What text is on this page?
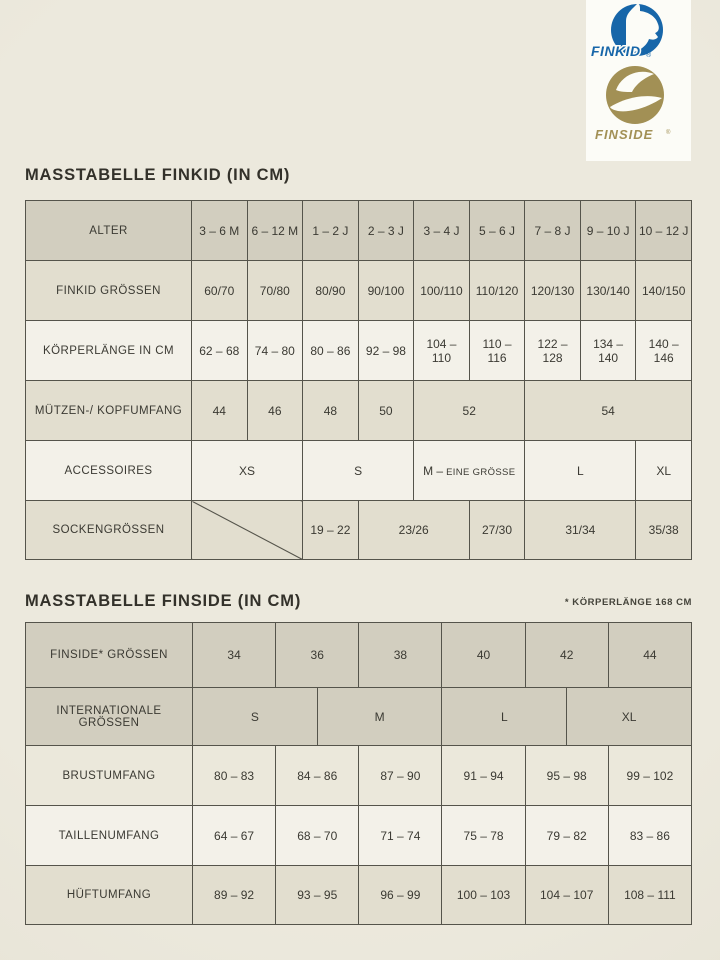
FINKID ®
FINSIDE ®
MASSTABELLE FINKID (IN CM)
ALTER	3 – 6 M	6 – 12 M	1 – 2 J	2 – 3 J	3 – 4 J	5 – 6 J	7 – 8 J	9 – 10 J	10 – 12 J
FINKID GRÖSSEN	60/70	70/80	80/90	90/100	100/110	110/120	120/130	130/140	140/150
KÖRPERLÄNGE IN CM	62 – 68	74 – 80	80 – 86	92 – 98	104 – 110	110 – 116	122 – 128	134 – 140	140 – 146
MÜTZEN-/ KOPFUMFANG	44	46	48	50	52		54		
ACCESSOIRES	XS		S		M – EINE GRÖSSE		L		XL
SOCKENGRÖSSEN			19 – 22	23/26		27/30	31/34		35/38
MASSTABELLE FINSIDE (IN CM)	* KÖRPERLÄNGE 168 CM
FINSIDE* GRÖSSEN	34	36		38	40	42		44
INTERNATIONALE GRÖSSEN	S		M		L		XL	
BRUSTUMFANG	80 – 83	84 – 86		87 – 90	91 – 94	95 – 98		99 – 102
TAILLENUMFANG	64 – 67	68 – 70		71 – 74	75 – 78	79 – 82		83 – 86
HÜFTUMFANG	89 – 92	93 – 95		96 – 99	100 – 103	104 – 107		108 – 111
